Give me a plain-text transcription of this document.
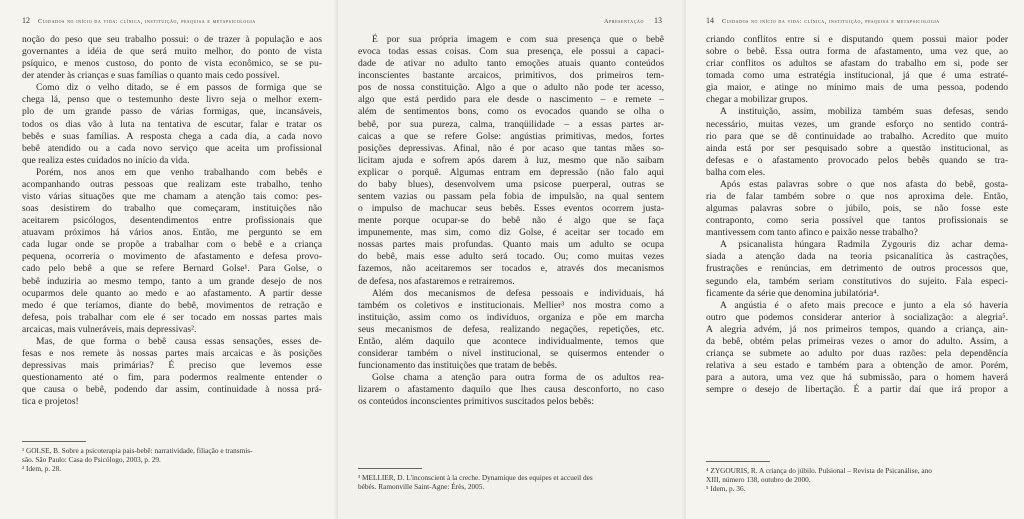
12 Cuidados no início da vida: clínica, instituição, pesquisa e metapsicologia
noção do peso que seu trabalho possui: o de trazer à população e aos
governantes a idéia de que será muito melhor, do ponto de vista
psíquico, e menos custoso, do ponto de vista econômico, se se pu-
der atender às crianças e suas famílias o quanto mais cedo possível.
Como diz o velho ditado, se é em passos de formiga que se
chega lá, penso que o testemunho deste livro seja o melhor exem-
plo de um grande passo de várias formigas, que, incansáveis,
todos os dias vão à luta na tentativa de escutar, falar e tratar os
bebês e suas famílias. A resposta chega a cada dia, a cada novo
bebê atendido ou a cada novo serviço que aceita um profissional
que realiza estes cuidados no início da vida.
Porém, nos anos em que venho trabalhando com bebês e
acompanhando outras pessoas que realizam este trabalho, tenho
visto várias situações que me chamam a atenção tais como: pes-
soas desistirem do trabalho que começaram, instituições não
aceitarem psicólogos, desentendimentos entre profissionais que
atuavam próximos há vários anos. Então, me pergunto se em
cada lugar onde se propõe a trabalhar com o bebê e a criança
pequena, ocorreria o movimento de afastamento e defesa provo-
cado pelo bebê a que se refere Bernard Golse¹. Para Golse, o
bebê induziria ao mesmo tempo, tanto a um grande desejo de nos
ocuparmos dele quanto ao medo e ao afastamento. A partir desse
medo é que teríamos, diante do bebê, movimentos de retração e
defesa, pois trabalhar com ele é ser tocado em nossas partes mais
arcaicas, mais vulneráveis, mais depressivas².
Mas, de que forma o bebê causa essas sensações, esses de-
fesas e nos remete às nossas partes mais arcaicas e às posições
depressivas mais primárias? É preciso que levemos esse
questionamento até o fim, para podermos realmente entender o
que causa o bebê, podendo dar assim, continuidade à nossa prá-
tica e projetos!
¹ GOLSE, B. Sobre a psicoterapia pais-bebê: narratividade, filiação e transmis-
são. São Paulo: Casa do Psicólogo, 2003, p. 29.
² Idem, p. 28.
Apresentação 13
É por sua própria imagem e com sua presença que o bebê
evoca todas essas coisas. Com sua presença, ele possui a capaci-
dade de ativar no adulto tanto emoções atuais quanto conteúdos
inconscientes bastante arcaicos, primitivos, dos primeiros tem-
pos de nossa constituição. Algo a que o adulto não pode ter acesso,
algo que está perdido para ele desde o nascimento – e remete –
além de sentimentos bons, como os evocados quando se olha o
bebê, por sua pureza, calma, tranqüilidade – a essas partes ar-
caicas a que se refere Golse: angústias primitivas, medos, fortes
posições depressivas. Afinal, não é por acaso que tantas mães so-
licitam ajuda e sofrem após darem à luz, mesmo que não saibam
explicar o porquê. Algumas entram em depressão (não falo aqui
do baby blues), desenvolvem uma psicose puerperal, outras se
sentem vazias ou passam pela fobia de impulsão, na qual sentem
o impulso de machucar seus bebês. Esses eventos ocorrem justa-
mente porque ocupar-se do bebê não é algo que se faça
impunemente, mas sim, como diz Golse, é aceitar ser tocado em
nossas partes mais profundas. Quanto mais um adulto se ocupa
do bebê, mais esse adulto será tocado. Ou; como muitas vezes
fazemos, não aceitaremos ser tocados e, através dos mecanismos
de defesa, nos afastaremos e retrairemos.
Além dos mecanismos de defesa pessoais e individuais, há
também os coletivos e institucionais. Mellier³ nos mostra como a
instituição, assim como os indivíduos, organiza e põe em marcha
seus mecanismos de defesa, realizando negações, repetições, etc.
Então, além daquilo que acontece individualmente, temos que
considerar também o nível institucional, se quisermos entender o
funcionamento das instituições que tratam de bebês.
Golse chama a atenção para outra forma de os adultos rea-
lizarem o afastamento daquilo que lhes causa desconforto, no caso
os conteúdos inconscientes primitivos suscitados pelos bebês:
³ MELLIER, D. L'inconscient à la creche. Dynamique des equipes et accueil des
bébés. Ramonville Saint-Agne: Érès, 2005.
14 Cuidados no início da vida: clínica, instituição, pesquisa e metapsicologia
criando conflitos entre si e disputando quem possui maior poder
sobre o bebê. Essa outra forma de afastamento, uma vez que, ao
criar conflitos os adultos se afastam do trabalho em si, pode ser
tomada como uma estratégia institucional, já que é uma estraté-
gia maior, e atinge no mínimo mais de uma pessoa, podendo
chegar a mobilizar grupos.
A instituição, assim, mobiliza também suas defesas, sendo
necessário, muitas vezes, um grande esforço no sentido contrá-
rio para que se dê continuidade ao trabalho. Acredito que muito
ainda está por ser pesquisado sobre a questão institucional, as
defesas e o afastamento provocado pelos bebês quando se tra-
balha com eles.
Após estas palavras sobre o que nos afasta do bebê, gosta-
ria de falar também sobre o que nos aproxima dele. Então,
algumas palavras sobre o júbilo, pois, se não fosse este
contraponto, como seria possível que tantos profissionais se
mantivessem com tanto afinco e paixão nesse trabalho?
A psicanalista húngara Radmila Zygouris diz achar dema-
siada a atenção dada na teoria psicanalítica às castrações,
frustrações e renúncias, em detrimento de outros processos que,
segundo ela, também seriam constitutivos do sujeito. Fala especi-
ficamente da série que denomina jubilatória⁴.
A angústia é o afeto mais precoce e junto a ela só haveria
outro que podemos considerar anterior à socialização: a alegria⁵.
A alegria advém, já nos primeiros tempos, quando a criança, ain-
da bebê, obtém pelas primeiras vezes o amor do adulto. Assim, a
criança se submete ao adulto por duas razões: pela dependência
relativa a seu estado e também para a obtenção de amor. Porém,
para a autora, uma vez que há submissão, para o homem haverá
sempre o desejo de libertação. É a partir daí que irá propor a
⁴ ZYGOURIS, R. A criança do júbilo. Pulsional – Revista de Psicanálise, ano
XIII, número 138, outubro de 2000.
⁵ Idem, p. 36.
